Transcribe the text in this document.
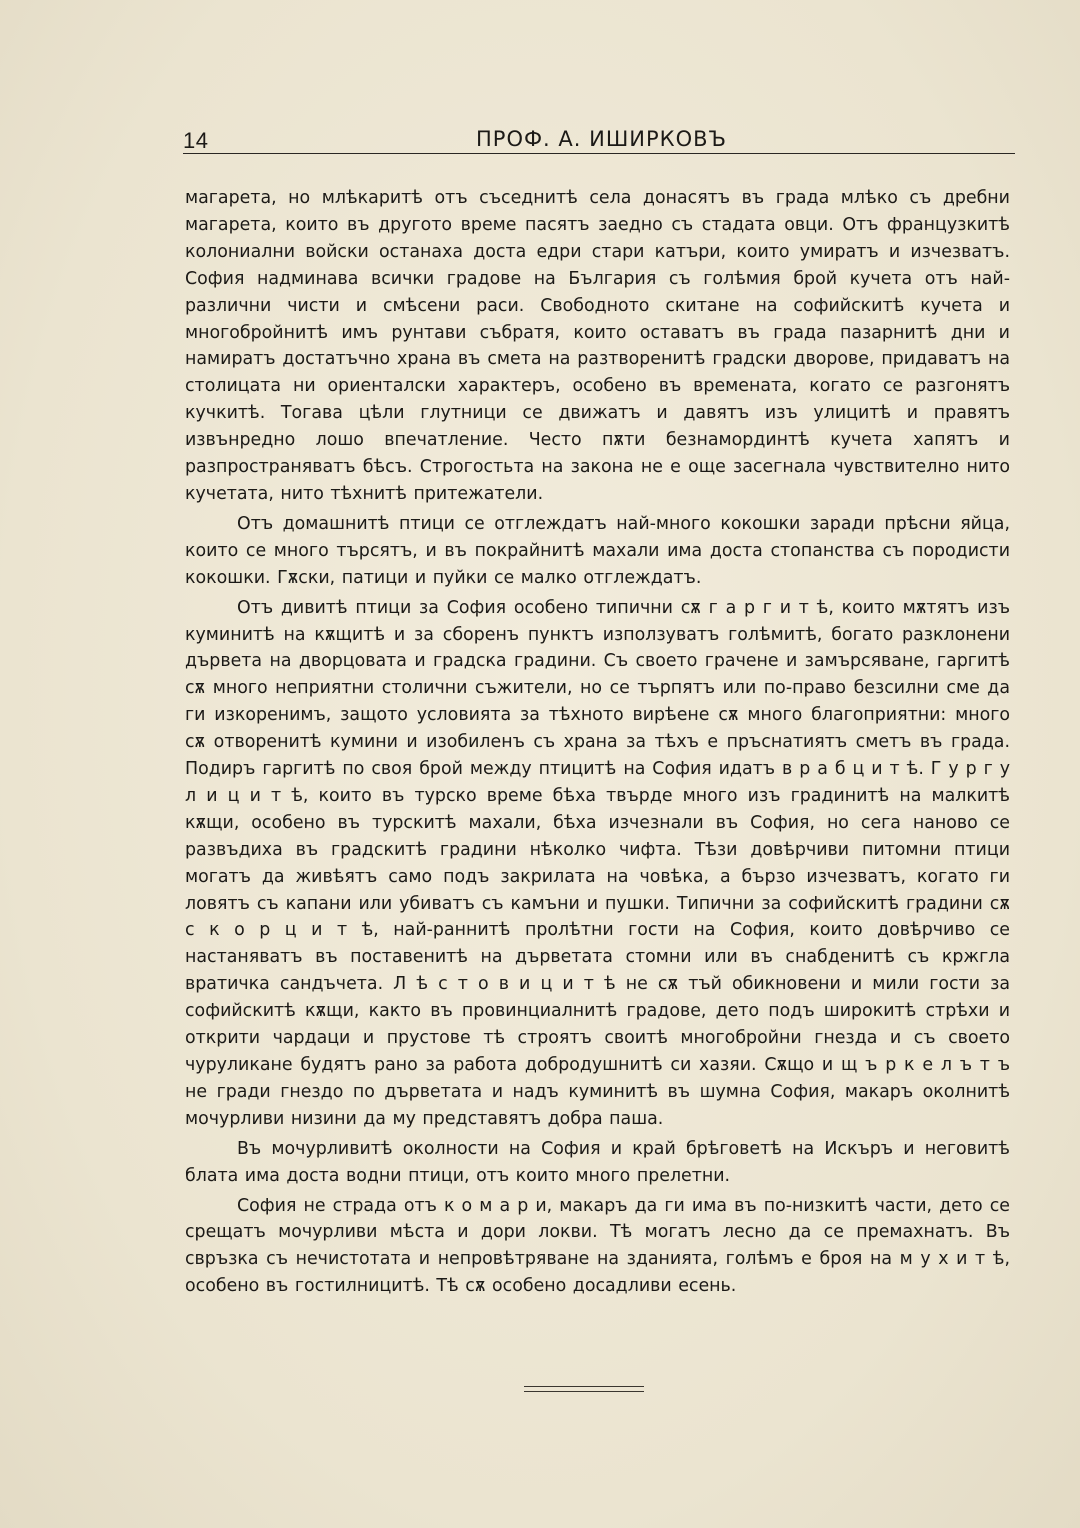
14	ПРОФ. А. ИШИРКОВЪ

магарета, но млѣкаритѣ отъ съседнитѣ села донасятъ въ града млѣко съ дребни магарета, които въ другото време пасятъ заедно съ стадата овци. Отъ французкитѣ колониални войски останаха доста едри стари катъри, които умиратъ и изчезватъ. София надминава всички градове на България съ голѣмия брой кучета отъ най-различни чисти и смѣсени раси. Свободното скитане на софийскитѣ кучета и многобройнитѣ имъ рунтави събратя, които оставатъ въ града пазарнитѣ дни и намиратъ достатъчно храна въ смета на разтворенитѣ градски дворове, придаватъ на столицата ни ориенталски характеръ, особено въ времената, когато се разгонятъ кучкитѣ. Тогава цѣли глутници се движатъ и давятъ изъ улицитѣ и правятъ извънредно лошо впечатление. Често пѫти безнамординтѣ кучета хапятъ и разпространяватъ бѣсъ. Строгостьта на закона не е още засегнала чувствително нито кучетата, нито тѣхнитѣ притежатели.

Отъ домашнитѣ птици се отглеждатъ най-много кокошки заради прѣсни яйца, които се много търсятъ, и въ покрайнитѣ махали има доста стопанства съ породисти кокошки. Гѫски, патици и пуйки се малко отглеждатъ.

Отъ дивитѣ птици за София особено типични сѫ г а р г и т ѣ, които мѫтятъ изъ куминитѣ на кѫщитѣ и за сборенъ пунктъ използуватъ голѣмитѣ, богато разклонени дървета на дворцовата и градска градини. Съ своето грачене и замърсяване, гаргитѣ сѫ много неприятни столични съжители, но се търпятъ или по-право безсилни сме да ги изкоренимъ, защото условията за тѣхното вирѣене сѫ много благоприятни: много сѫ отворенитѣ кумини и изобиленъ съ храна за тѣхъ е пръснатиятъ сметъ въ града. Подиръ гаргитѣ по своя брой между птицитѣ на София идатъ в р а б ц и т ѣ. Г у р г у л и ц и т ѣ, които въ турско време бѣха твърде много изъ градинитѣ на малкитѣ кѫщи, особено въ турскитѣ махали, бѣха изчезнали въ София, но сега наново се развъдиха въ градскитѣ градини нѣколко чифта. Тѣзи довѣрчиви питомни птици могатъ да живѣятъ само подъ закрилата на човѣка, а бързо изчезватъ, когато ги ловятъ съ капани или убиватъ съ камъни и пушки. Типични за софийскитѣ градини сѫ с к о р ц и т ѣ, най-раннитѣ пролѣтни гости на София, които довѣрчиво се настаняватъ въ поставенитѣ на дърветата стомни или въ снабденитѣ съ кржгла вратичка сандъчета. Л ѣ с т о в и ц и т ѣ не сѫ тъй обикновени и мили гости за софийскитѣ кѫщи, както въ провинциалнитѣ градове, дето подъ широкитѣ стрѣхи и открити чардаци и прустове тѣ строятъ своитѣ многобройни гнезда и съ своето чуруликане будятъ рано за работа добродушнитѣ си хазяи. Сѫщо и щ ъ р к е л ъ т ъ не гради гнездо по дърветата и надъ куминитѣ въ шумна София, макаръ околнитѣ мочурливи низини да му представятъ добра паша.

Въ мочурливитѣ околности на София и край брѣговетѣ на Искъръ и неговитѣ блата има доста водни птици, отъ които много прелетни.

София не страда отъ к о м а р и, макаръ да ги има въ по-низкитѣ части, дето се срещатъ мочурливи мѣста и дори локви. Тѣ могатъ лесно да се премахнатъ. Въ свръзка съ нечистотата и непровѣтряване на зданията, голѣмъ е броя на м у х и т ѣ, особено въ гостилницитѣ. Тѣ сѫ особено досадливи есень.
